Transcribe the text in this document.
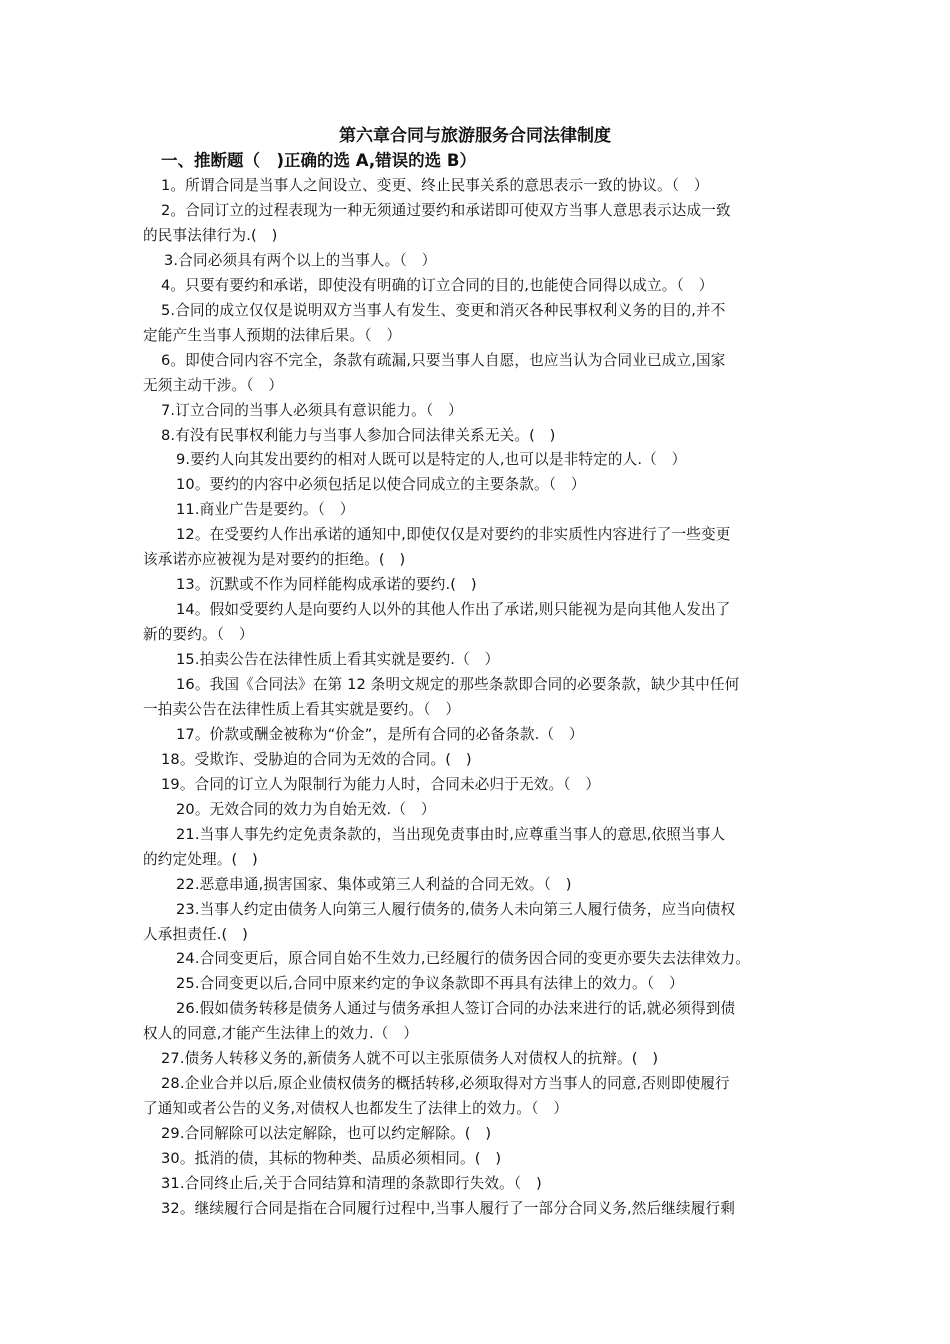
第六章合同与旅游服务合同法律制度
一、推断题（　)正确的选 A,错误的选 B）
1。所谓合同是当事人之间设立、变更、终止民事关系的意思表示一致的协议。（　）
2。合同订立的过程表现为一种无须通过要约和承诺即可使双方当事人意思表示达成一致
的民事法律行为.(　)
3.合同必须具有两个以上的当事人。（　）
4。只要有要约和承诺，即使没有明确的订立合同的目的,也能使合同得以成立。（　）
5.合同的成立仅仅是说明双方当事人有发生、变更和消灭各种民事权利义务的目的,并不
定能产生当事人预期的法律后果。（　）
6。即使合同内容不完全，条款有疏漏,只要当事人自愿，也应当认为合同业已成立,国家
无须主动干涉。（　）
7.订立合同的当事人必须具有意识能力。（　）
8.有没有民事权利能力与当事人参加合同法律关系无关。(　)
9.要约人向其发出要约的相对人既可以是特定的人,也可以是非特定的人.（　）
10。要约的内容中必须包括足以使合同成立的主要条款。（　）
11.商业广告是要约。（　）
12。在受要约人作出承诺的通知中,即使仅仅是对要约的非实质性内容进行了一些变更
该承诺亦应被视为是对要约的拒绝。(　)
13。沉默或不作为同样能构成承诺的要约.(　)
14。假如受要约人是向要约人以外的其他人作出了承诺,则只能视为是向其他人发出了
新的要约。（　）
15.拍卖公告在法律性质上看其实就是要约.（　）
16。我国《合同法》在第 12 条明文规定的那些条款即合同的必要条款，缺少其中任何
一拍卖公告在法律性质上看其实就是要约。（　）
17。价款或酬金被称为“价金”，是所有合同的必备条款.（　）
18。受欺诈、受胁迫的合同为无效的合同。(　)
19。合同的订立人为限制行为能力人时，合同未必归于无效。（　）
20。无效合同的效力为自始无效.（　）
21.当事人事先约定免责条款的，当出现免责事由时,应尊重当事人的意思,依照当事人
的约定处理。(　)
22.恶意串通,损害国家、集体或第三人利益的合同无效。（　)
23.当事人约定由债务人向第三人履行债务的,债务人未向第三人履行债务，应当向债权
人承担责任.(　)
24.合同变更后，原合同自始不生效力,已经履行的债务因合同的变更亦要失去法律效力。
25.合同变更以后,合同中原来约定的争议条款即不再具有法律上的效力。（　）
26.假如债务转移是债务人通过与债务承担人签订合同的办法来进行的话,就必须得到债
权人的同意,才能产生法律上的效力.（　）
27.债务人转移义务的,新债务人就不可以主张原债务人对债权人的抗辩。(　)
28.企业合并以后,原企业债权债务的概括转移,必须取得对方当事人的同意,否则即使履行
了通知或者公告的义务,对债权人也都发生了法律上的效力。（　）
29.合同解除可以法定解除，也可以约定解除。(　)
30。抵消的债，其标的物种类、品质必须相同。(　)
31.合同终止后,关于合同结算和清理的条款即行失效。（　)
32。继续履行合同是指在合同履行过程中,当事人履行了一部分合同义务,然后继续履行剩
